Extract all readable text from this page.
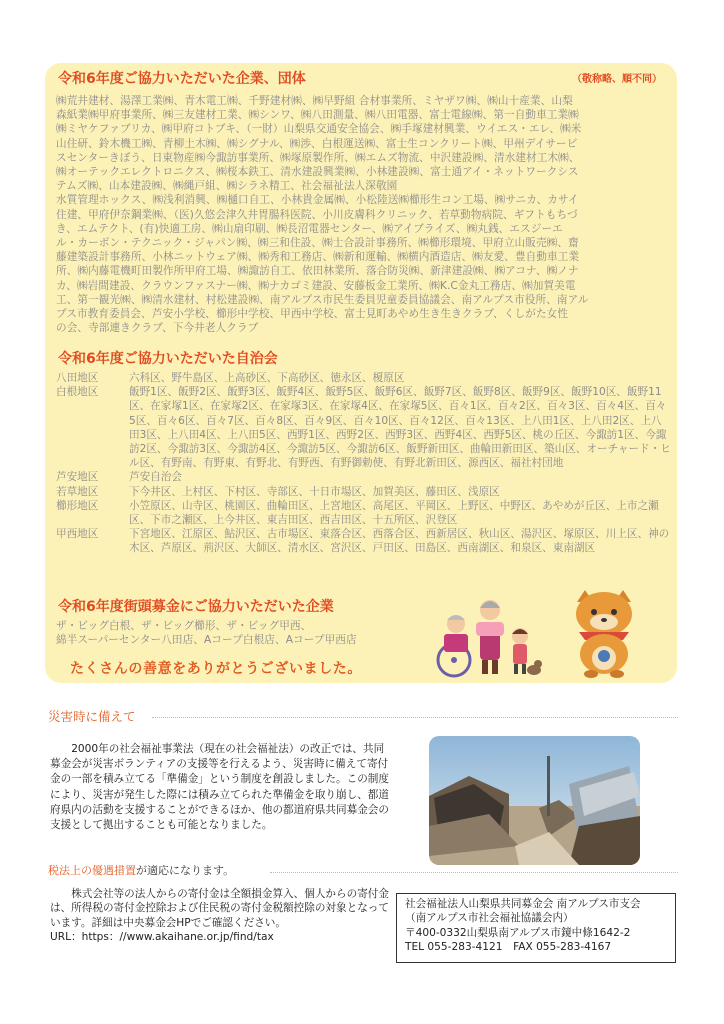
令和6年度ご協力いただいた企業、団体	（敬称略、順不同）

㈱荒井建材、湯澤工業㈱、青木電工㈱、千野建材㈱、㈱早野組 合材事業所、ミヤザワ㈱、㈱山十産業、山梨

森紙業㈱甲府事業所、㈱三友建材工業、㈱シンワ、㈱八田測量、㈱八田電器、富士電線㈱、第一自動車工業㈱

㈱ミヤケファブリカ、㈱甲府コトブキ、（一財）山梨県交通安全協会、㈱手塚建材興業、ウイエス・エレ、㈱米

山住研、鈴木機工㈱、青柳土木㈱、㈱シグナル、㈱渉、白根運送㈱、富士生コンクリート㈱、甲州デイサービ

スセンターきぼう、日東物産㈱今諏訪事業所、㈱塚原製作所、㈱エムズ物流、中沢建設㈱、清水建材工木㈱、

㈱オーテックエレクトロニクス、㈱桜本鉄工、清水建設興業㈱、小林建設㈱、富士通アイ・ネットワークシス

テムズ㈱、山本建設㈱、㈱縄戸組、㈱シラネ精工、社会福祉法人深敬園

水質管理ホックス、㈱浅利消興、㈱樋口自工、小林貴金属㈱、小松陸送㈱櫛形生コン工場、㈱サニカ、カサイ

住建、甲府伊奈鋼業㈱、（医)久悠会津久井胃腸科医院、小川皮膚科クリニック、若草動物病院、ギフトもちづ

き、エムテクト、(有)快適工房、㈱山扇印刷、㈱長沼電器センター、㈱アイブライズ、㈱丸銭、エスジーエ

ル・カーボン・テクニック・ジャパン㈱、㈱三和住設、㈱士合設計事務所、㈱櫛形環境、甲府立山販売㈱、齋

藤建築設計事務所、小林ニットウェア㈱、㈱秀和工務店、㈱新和運輸、㈱横内酒造店、㈱友愛、豊自動車工業

所、㈱内藤電機町田製作所甲府工場、㈱諏訪自工、依田林業所、落合防災㈱、新津建設㈱、㈱アコナ、㈱ノナ

カ、㈱岩間建設、クラウンファスナー㈱、㈱ナカゴミ建設、安藤板金工業所、㈱K.C金丸工務店、㈱加賀美電

工、第一観光㈱、㈱清水建材、村松建設㈱、南アルプス市民生委員児童委員協議会、南アルプス市役所、南アル

プス市教育委員会、芦安小学校、櫛形中学校、甲西中学校、富士見町あやめ生き生きクラブ、くしがた女性

の会、寺部連きクラブ、下今井老人クラブ

令和6年度ご協力いただいた自治会
八田地区	六科区、野牛島区、上高砂区、下高砂区、徳永区、榎原区
白根地区	飯野1区、飯野2区、飯野3区、飯野4区、飯野5区、飯野6区、飯野7区、飯野8区、飯野9区、飯野10区、飯野11区、在家塚1区、在家塚2区、在家塚3区、在家塚4区、在家塚5区、百々1区、百々2区、百々3区、百々4区、百々5区、百々6区、百々7区、百々8区、百々9区、百々10区、百々12区、百々13区、上八田1区、上八田2区、上八田3区、上八田4区、上八田5区、西野1区、西野2区、西野3区、西野4区、西野5区、桃の丘区、今諏訪1区、今諏訪2区、今諏訪3区、今諏訪4区、今諏訪5区、今諏訪6区、飯野新田区、曲輪田新田区、築山区、オーチャード・ヒル区、有野南、有野東、有野北、有野西、有野御勅使、有野北新田区、源西区、福社村団地
芦安地区	芦安自治会
若草地区	下今井区、上村区、下村区、寺部区、十日市場区、加賀美区、藤田区、浅原区
櫛形地区	小笠原区、山寺区、桃園区、曲輪田区、上宮地区、高尾区、平岡区、上野区、中野区、あやめが丘区、上市之瀬区、下市之瀬区、上今井区、東吉田区、西吉田区、十五所区、沢登区
甲西地区	下宮地区、江原区、鮎沢区、古市場区、東落合区、西落合区、西新居区、秋山区、湯沢区、塚原区、川上区、神の木区、芦原区、荊沢区、大師区、清水区、宮沢区、戸田区、田島区、西南湖区、和泉区、東南湖区
令和6年度街頭募金にご協力いただいた企業

ザ・ビッグ白根、ザ・ビッグ櫛形、ザ・ビッグ甲西、

綿半スーパーセンター八田店、Aコープ白根店、Aコープ甲西店

たくさんの善意をありがとうございました。
災害時に備えて

2000年の社会福祉事業法（現在の社会福祉法）の改正では、共同募金会が災害ボランティアの支援等を行えるよう、災害時に備えて寄付金の一部を積み立てる「準備金」という制度を創設しました。この制度により、災害が発生した際には積み立てられた準備金を取り崩し、都道府県内の活動を支援することができるほか、他の都道府県共同募金会の支援として拠出することも可能となりました。

税法上の優遇措置が適応になります。

株式会社等の法人からの寄付金は全額損金算入、個人からの寄付金は、所得税の寄付金控除および住民税の寄付金税額控除の対象となっています。詳細は中央募金会HPでご確認ください。

URL：https：//www.akaihane.or.jp/find/tax

社会福祉法人山梨県共同募金会 南アルプス市支会
（南アルプス市社会福祉協議会内）
〒400-0332山梨県南アルプス市鏡中條1642-2
TEL 055-283-4121　FAX 055-283-4167
